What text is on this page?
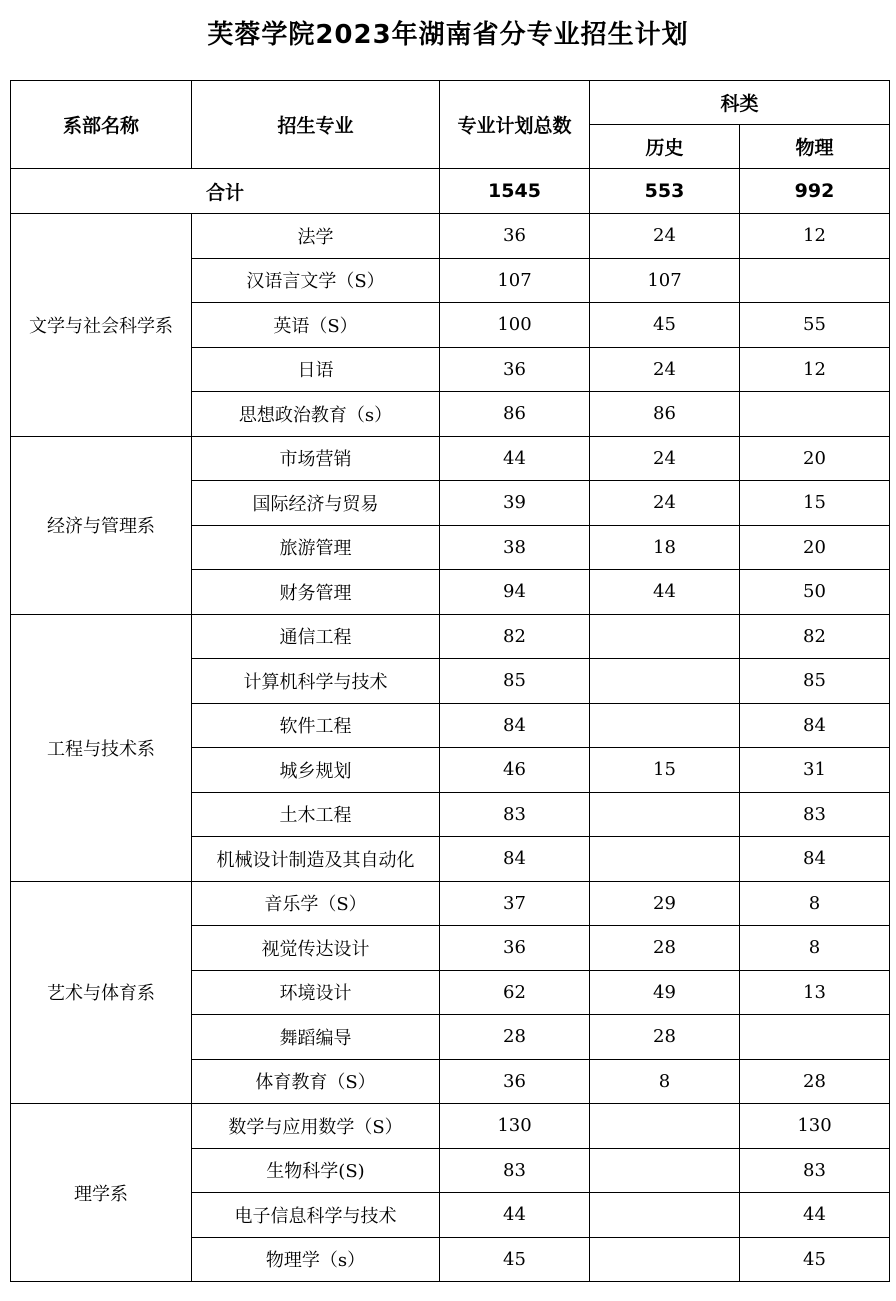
芙蓉学院2023年湖南省分专业招生计划
系部名称	招生专业	专业计划总数	科类	
			历史	物理
合计		1545	553	992
文学与社会科学系	法学	36	24	12
	汉语言文学（S）	107	107	
	英语（S）	100	45	55
	日语	36	24	12
	思想政治教育（s）	86	86	
经济与管理系	市场营销	44	24	20
	国际经济与贸易	39	24	15
	旅游管理	38	18	20
	财务管理	94	44	50
工程与技术系	通信工程	82		82
	计算机科学与技术	85		85
	软件工程	84		84
	城乡规划	46	15	31
	土木工程	83		83
	机械设计制造及其自动化	84		84
艺术与体育系	音乐学（S）	37	29	8
	视觉传达设计	36	28	8
	环境设计	62	49	13
	舞蹈编导	28	28	
	体育教育（S）	36	8	28
理学系	数学与应用数学（S）	130		130
	生物科学(S)	83		83
	电子信息科学与技术	44		44
	物理学（s）	45		45
